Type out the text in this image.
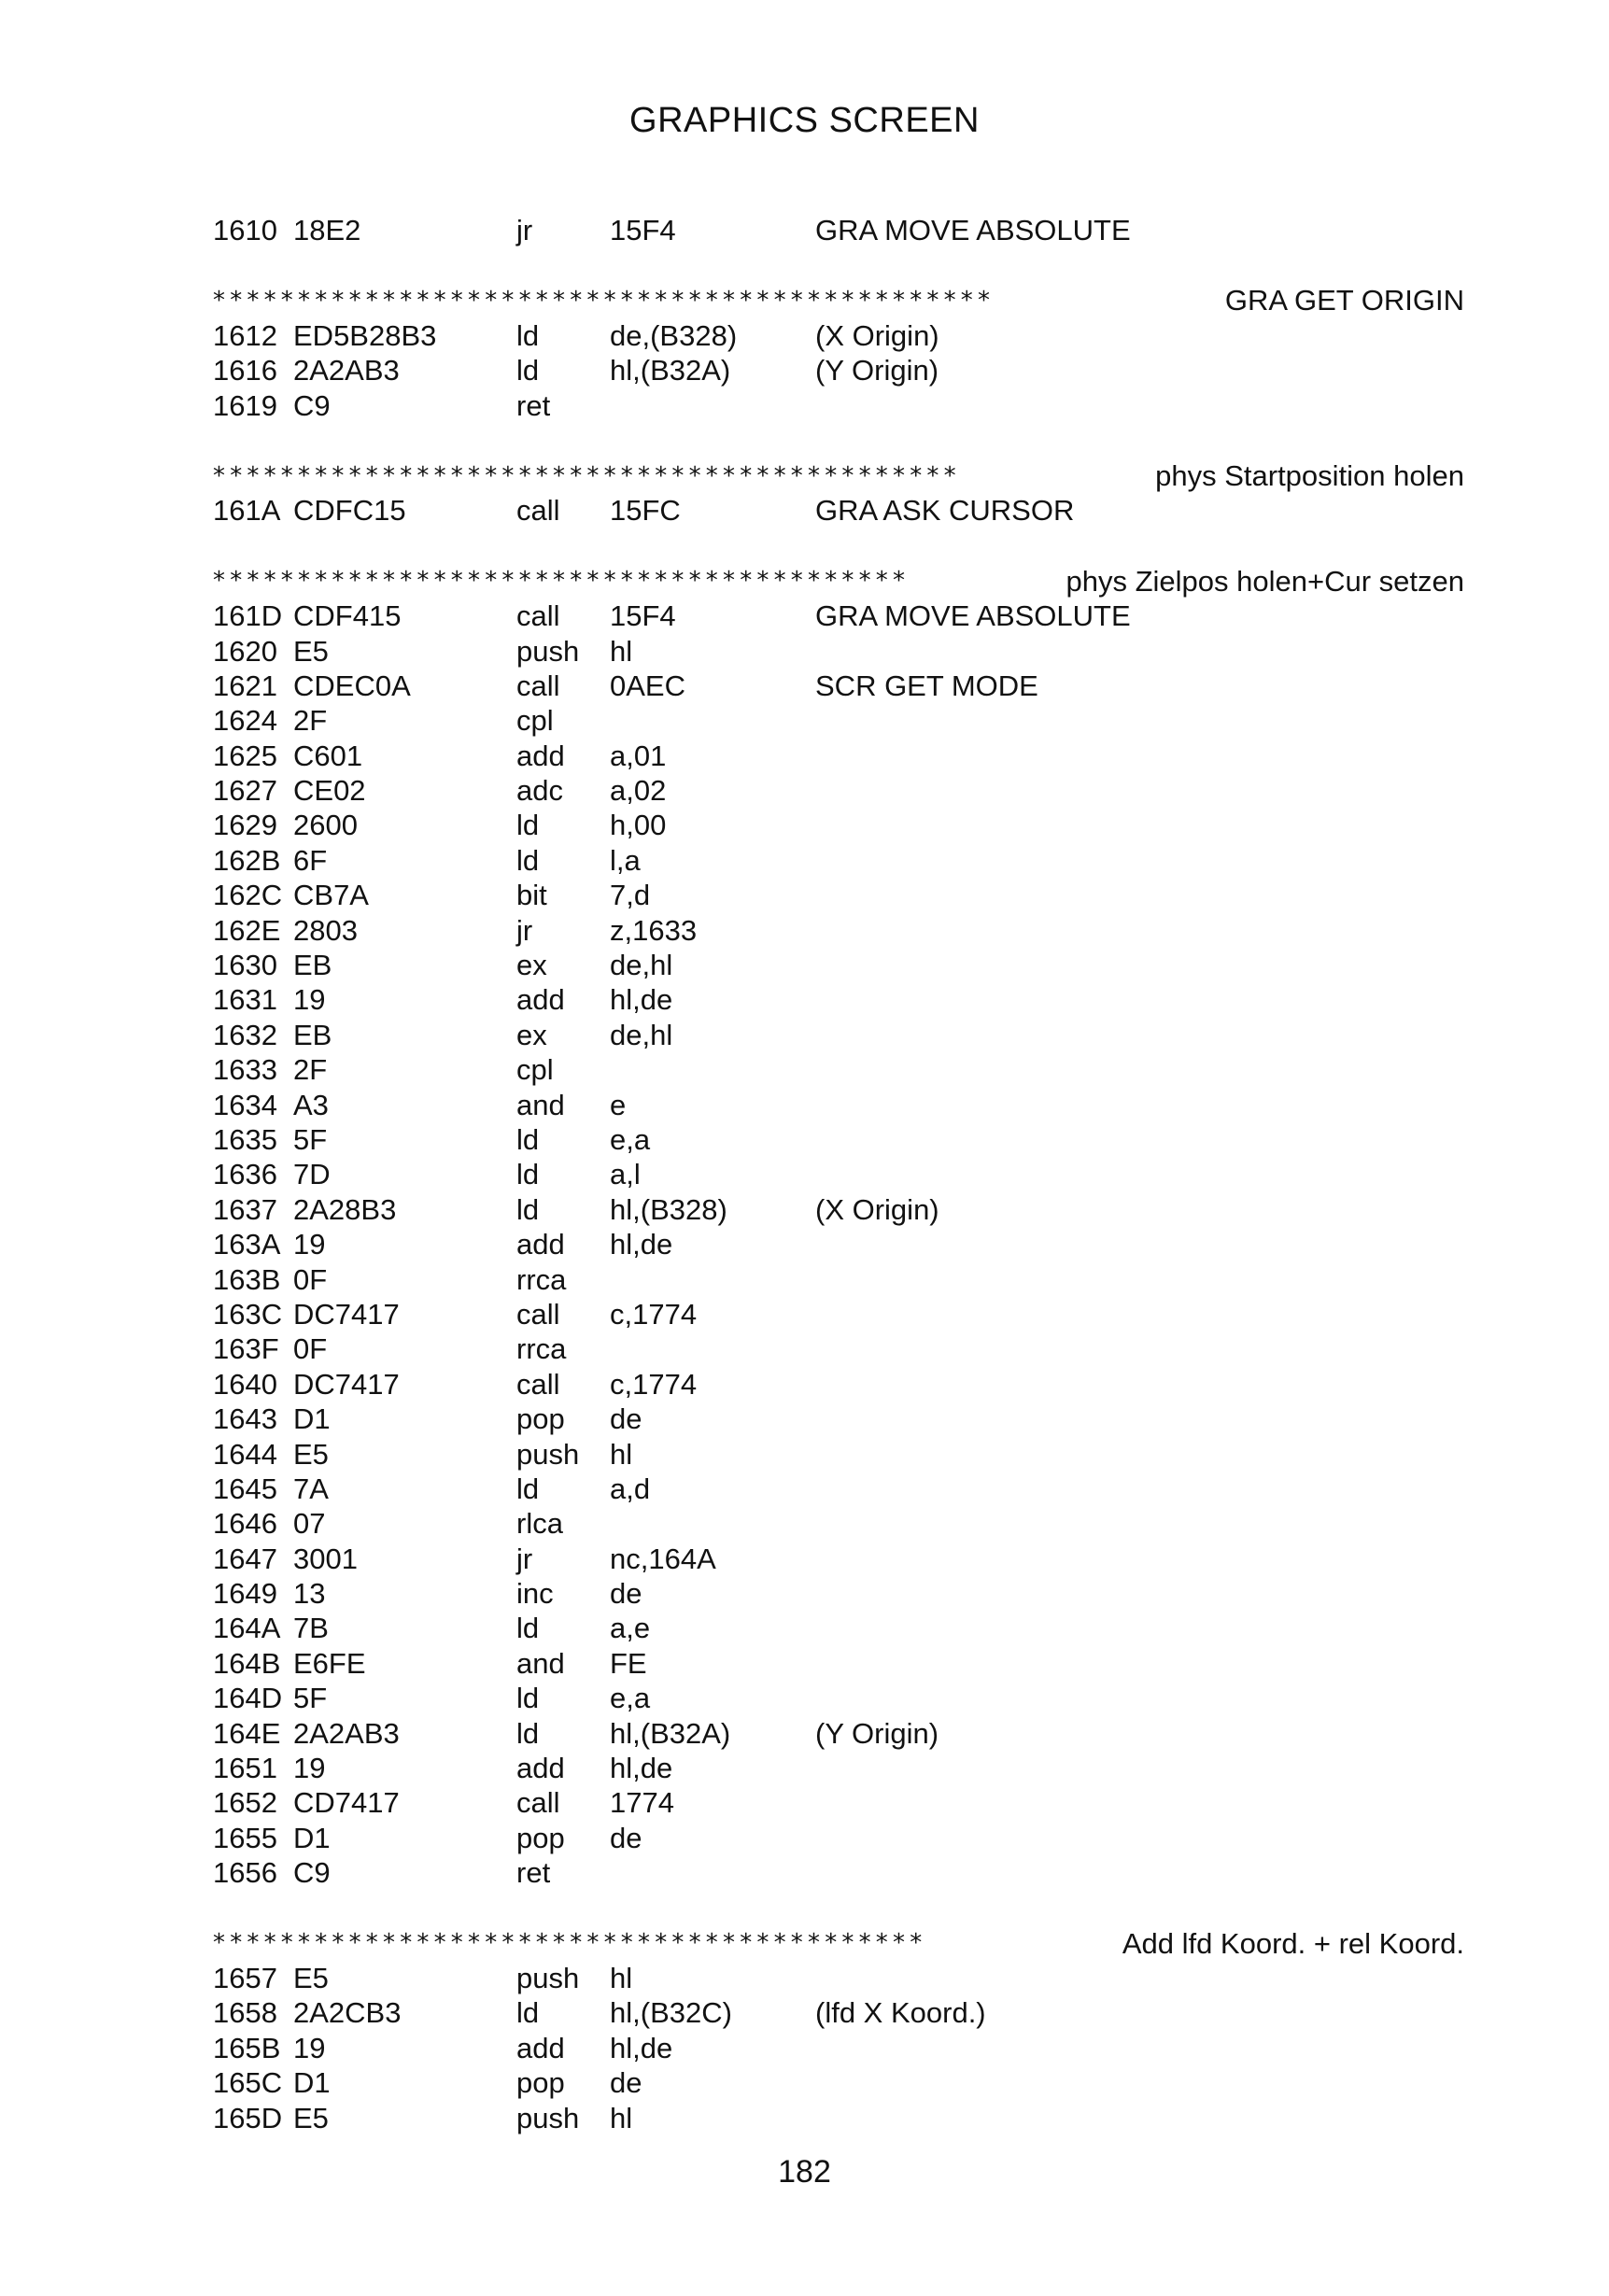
GRAPHICS SCREEN
1610 18E2	jr	15F4	GRA MOVE ABSOLUTE
**********************************************	GRA GET ORIGIN
1612 ED5B28B3	ld de,(B328)	(X Origin)
1616 2A2AB3	ld hl,(B32A)	(Y Origin)
1619 C9	ret
********************************************	phys Startposition holen
161A CDFC15	call 15FC	GRA ASK CURSOR
*****************************************	phys Zielpos holen+Cur setzen
161D CDF415	call 15F4	GRA MOVE ABSOLUTE
1620 E5	push hl
1621 CDEC0A	call 0AEC	SCR GET MODE
1624 2F	cpl
1625 C601	add a,01
1627 CE02	adc a,02
1629 2600	ld h,00
162B 6F	ld l,a
162C CB7A	bit 7,d
162E 2803	jr	z,1633
1630 EB	ex de,hl
1631 19	add hl,de
1632 EB	ex de,hl
1633 2F	cpl
1634 A3	and e
1635 5F	ld e,a
1636 7D	ld a,l
1637 2A28B3	ld hl,(B328)	(X Origin)
163A 19	add hl,de
163B 0F	rrca
163C DC7417	call c,1774
163F 0F	rrca
1640 DC7417	call c,1774
1643 D1	pop de
1644 E5	push hl
1645 7A	ld a,d
1646 07	rlca
1647 3001	jr	nc,164A
1649 13	inc de
164A 7B	ld a,e
164B E6FE	and FE
164D 5F	ld e,a
164E 2A2AB3	ld hl,(B32A)	(Y Origin)
1651 19	add hl,de
1652 CD7417	call 1774
1655 D1	pop de
1656 C9	ret
******************************************	Add lfd Koord. + rel Koord.
1657 E5	push hl
1658 2A2CB3	ld hl,(B32C)	(lfd X Koord.)
165B 19	add hl,de
165C D1	pop de
165D E5	push hl
182
